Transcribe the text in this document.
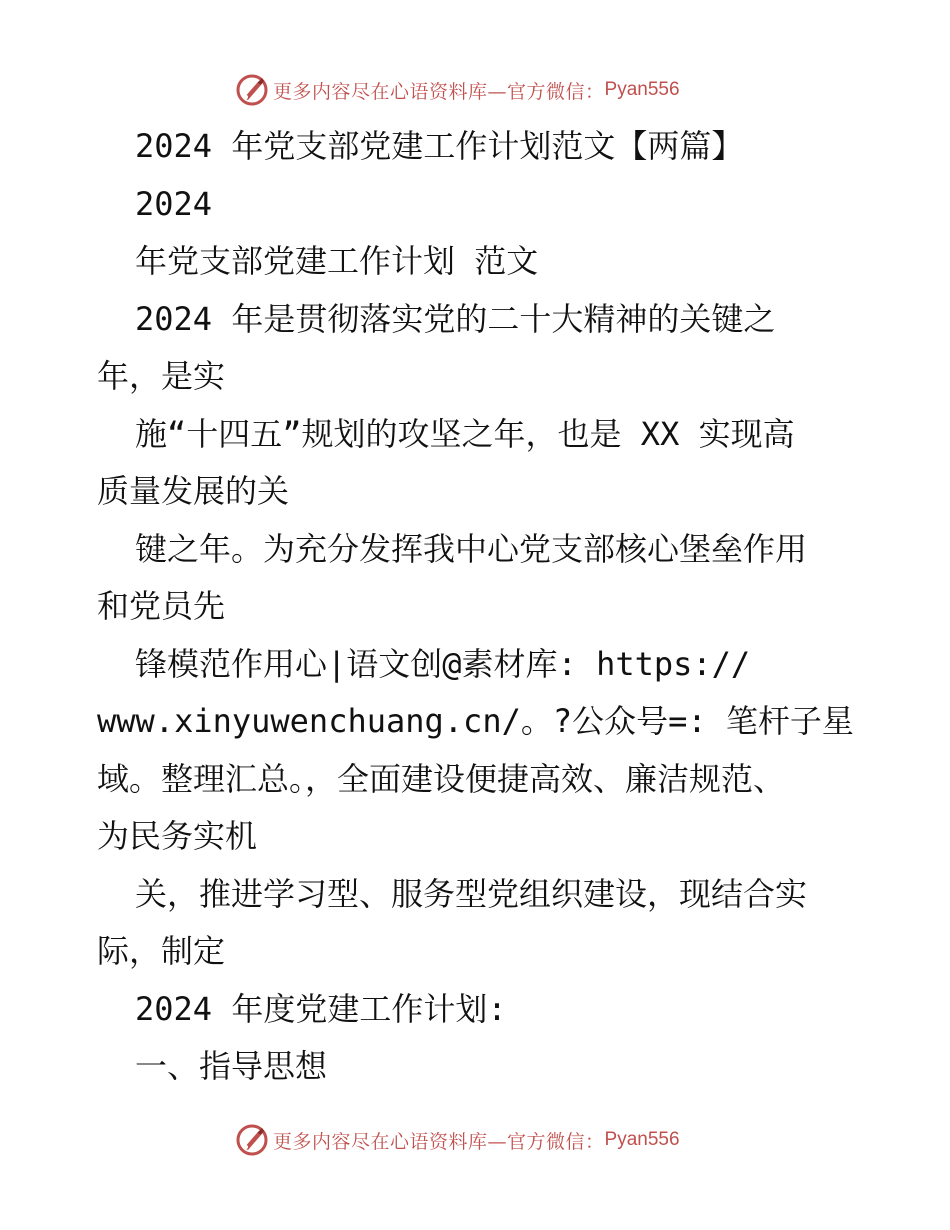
更多内容尽在心语资料库—官方微信： Pyan556
2024 年党支部党建工作计划范文【两篇】
2024
年党支部党建工作计划 范文
2024 年是贯彻落实党的二十大精神的关键之
年，是实
施“十四五”规划的攻坚之年，也是 XX 实现高
质量发展的关
键之年。为充分发挥我中心党支部核心堡垒作用
和党员先
锋模范作用心|语文创@素材库: https://
www.xinyuwenchuang.cn/。?公众号=: 笔杆子星
域。整理汇总。，全面建设便捷高效、廉洁规范、
为民务实机
关，推进学习型、服务型党组织建设，现结合实
际，制定
2024 年度党建工作计划:
一、指导思想
更多内容尽在心语资料库—官方微信： Pyan556
